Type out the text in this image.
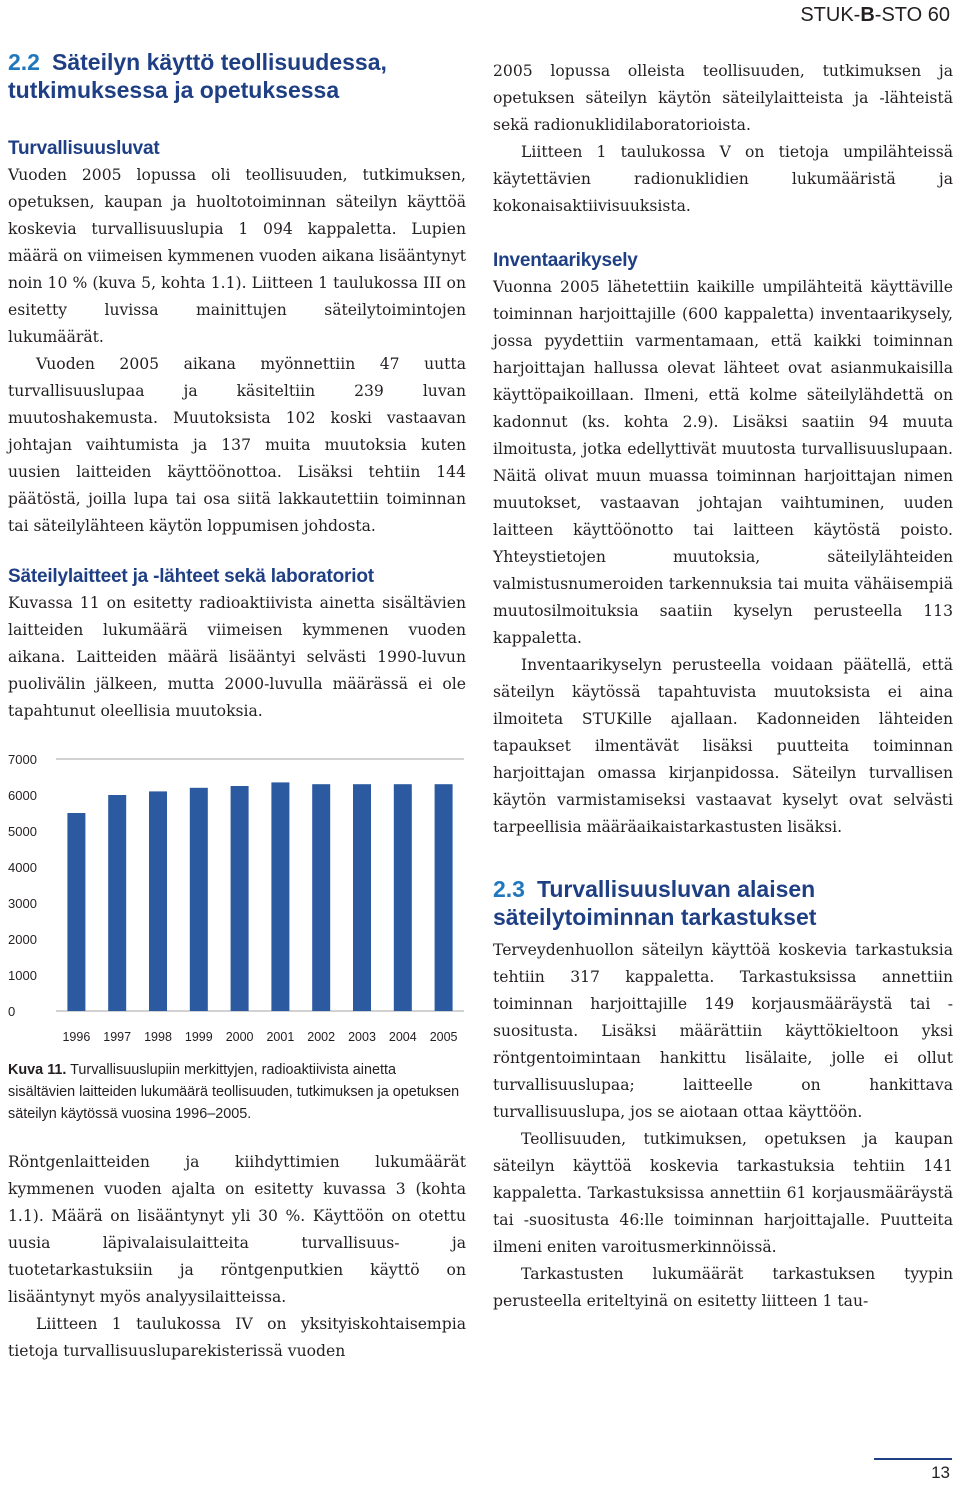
STUK-B-STO 60
2.2 Säteilyn käyttö teollisuudessa,
tutkimuksessa ja opetuksessa
Turvallisuusluvat

Vuoden 2005 lopussa oli teollisuuden, tutkimuksen, opetuksen, kaupan ja huoltotoiminnan säteilyn käyttöä koskevia turvallisuuslupia 1 094 kappaletta. Lupien määrä on viimeisen kymmenen vuoden aikana lisääntynyt noin 10 % (kuva 5, kohta 1.1). Liitteen 1 taulukossa III on esitetty luvissa mainittujen säteilytoimintojen lukumäärät.

Vuoden 2005 aikana myönnettiin 47 uutta turvallisuuslupaa ja käsiteltiin 239 luvan muutoshakemusta. Muutoksista 102 koski vastaavan johtajan vaihtumista ja 137 muita muutoksia kuten uusien laitteiden käyttöönottoa. Lisäksi tehtiin 144 päätöstä, joilla lupa tai osa siitä lakkautettiin toiminnan tai säteilylähteen käytön loppumisen johdosta.

Säteilylaitteet ja -lähteet sekä laboratoriot

Kuvassa 11 on esitetty radioaktiivista ainetta sisältävien laitteiden lukumäärä viimeisen kymmenen vuoden aikana. Laitteiden määrä lisääntyi selvästi 1990-luvun puolivälin jälkeen, mutta 2000-luvulla määrässä ei ole tapahtunut oleellisia muutoksia.

0
1000
2000
3000
4000
5000
6000
7000
1996 1997 1998 1999 2000 2001 2002 2003 2004 2005

Kuva 11. Turvallisuuslupiin merkittyjen, radioaktiivista ainetta sisältävien laitteiden lukumäärä teollisuuden, tutkimuksen ja opetuksen säteilyn käytössä vuosina 1996–2005.

Röntgenlaitteiden ja kiihdyttimien lukumäärät kymmenen vuoden ajalta on esitetty kuvassa 3 (kohta 1.1). Määrä on lisääntynyt yli 30 %. Käyttöön on otettu uusia läpivalaisulaitteita turvallisuus- ja tuotetarkastuksiin ja röntgenputkien käyttö on lisääntynyt myös analyysilaitteissa.

Liitteen 1 taulukossa IV on yksityiskohtaisempia tietoja turvallisuusluparekisterissä vuoden

2005 lopussa olleista teollisuuden, tutkimuksen ja opetuksen säteilyn käytön säteilylaitteista ja -lähteistä sekä radionuklidilaboratorioista.

Liitteen 1 taulukossa V on tietoja umpilähteissä käytettävien radionuklidien lukumääristä ja kokonaisaktiivisuuksista.

Inventaarikysely

Vuonna 2005 lähetettiin kaikille umpilähteitä käyttäville toiminnan harjoittajille (600 kappaletta) inventaarikysely, jossa pyydettiin varmentamaan, että kaikki toiminnan harjoittajan hallussa olevat lähteet ovat asianmukaisilla käyttöpaikoillaan. Ilmeni, että kolme säteilylähdettä on kadonnut (ks. kohta 2.9). Lisäksi saatiin 94 muuta ilmoitusta, jotka edellyttivät muutosta turvallisuuslupaan. Näitä olivat muun muassa toiminnan harjoittajan nimen muutokset, vastaavan johtajan vaihtuminen, uuden laitteen käyttöönotto tai laitteen käytöstä poisto. Yhteystietojen muutoksia, säteilylähteiden valmistusnumeroiden tarkennuksia tai muita vähäisempiä muutosilmoituksia saatiin kyselyn perusteella 113 kappaletta.

Inventaarikyselyn perusteella voidaan päätellä, että säteilyn käytössä tapahtuvista muutoksista ei aina ilmoiteta STUKille ajallaan. Kadonneiden lähteiden tapaukset ilmentävät lisäksi puutteita toiminnan harjoittajan omassa kirjanpidossa. Säteilyn turvallisen käytön varmistamiseksi vastaavat kyselyt ovat selvästi tarpeellisia määräaikaistarkastusten lisäksi.

2.3 Turvallisuusluvan alaisen
säteilytoiminnan tarkastukset

Terveydenhuollon säteilyn käyttöä koskevia tarkastuksia tehtiin 317 kappaletta. Tarkastuksissa annettiin toiminnan harjoittajille 149 korjausmääräystä tai -suositusta. Lisäksi määrättiin käyttökieltoon yksi röntgentoimintaan hankittu lisälaite, jolle ei ollut turvallisuuslupaa; laitteelle on hankittava turvallisuuslupa, jos se aiotaan ottaa käyttöön.

Teollisuuden, tutkimuksen, opetuksen ja kaupan säteilyn käyttöä koskevia tarkastuksia tehtiin 141 kappaletta. Tarkastuksissa annettiin 61 korjausmääräystä tai -suositusta 46:lle toiminnan harjoittajalle. Puutteita ilmeni eniten varoitusmerkinnöissä.

Tarkastusten lukumäärät tarkastuksen tyypin perusteella eriteltyinä on esitetty liitteen 1 tau-

13
